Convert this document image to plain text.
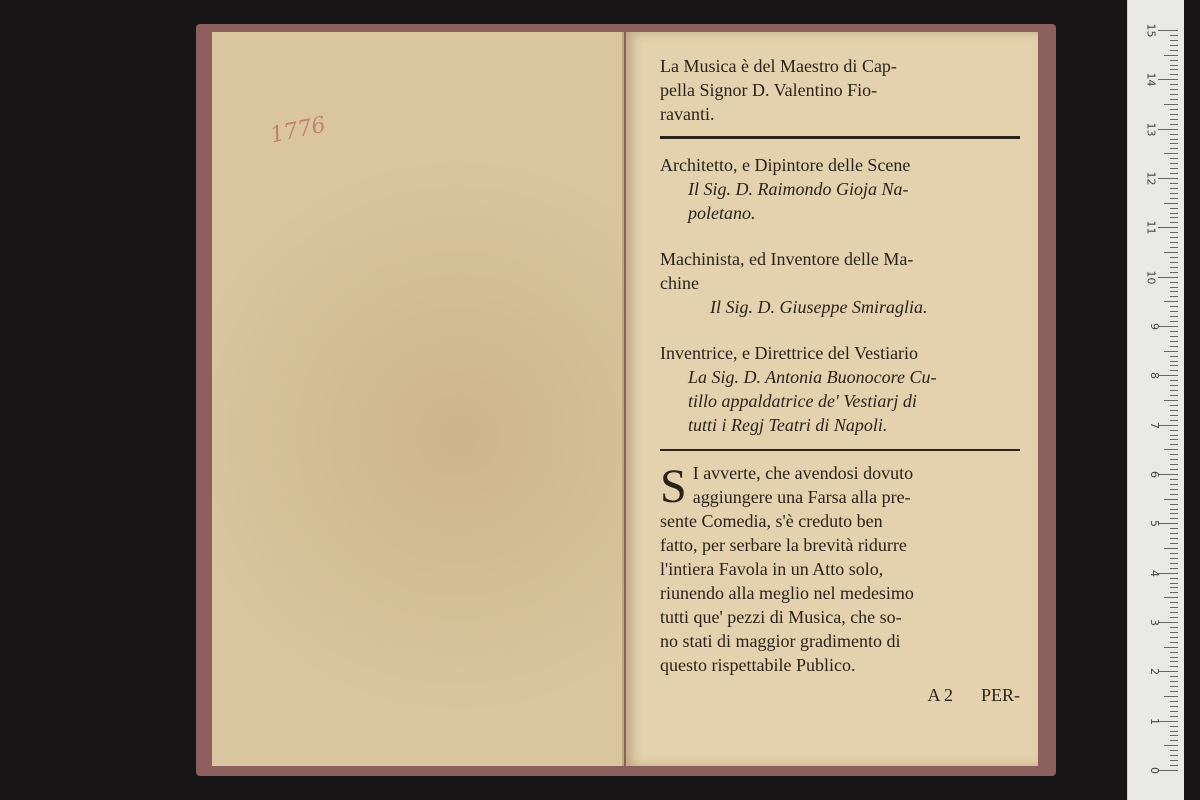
1776

La Musica è del Maestro di Cap-

pella Signor D. Valentino Fio-

ravanti.

Architetto, e Dipintore delle Scene

Il Sig. D. Raimondo Gioja Na-

poletano.

Machinista, ed Inventore delle Ma-

chine

Il Sig. D. Giuseppe Smiraglia.

Inventrice, e Direttrice del Vestiario

La Sig. D. Antonia Buonocore Cu-

tillo appaldatrice de' Vestiarj di

tutti i Regj Teatri di Napoli.

S I avverte, che avendosi dovuto

aggiungere una Farsa alla pre-

sente Comedia, s'è creduto ben

fatto, per serbare la brevità ridurre

l'intiera Favola in un Atto solo,

riunendo alla meglio nel medesimo

tutti que' pezzi di Musica, che so-

no stati di maggior gradimento di

questo rispettabile Publico.

A 2 PER-
15
14
13
12
11
10
9
8
7
6
5
4
3
2
1
0
